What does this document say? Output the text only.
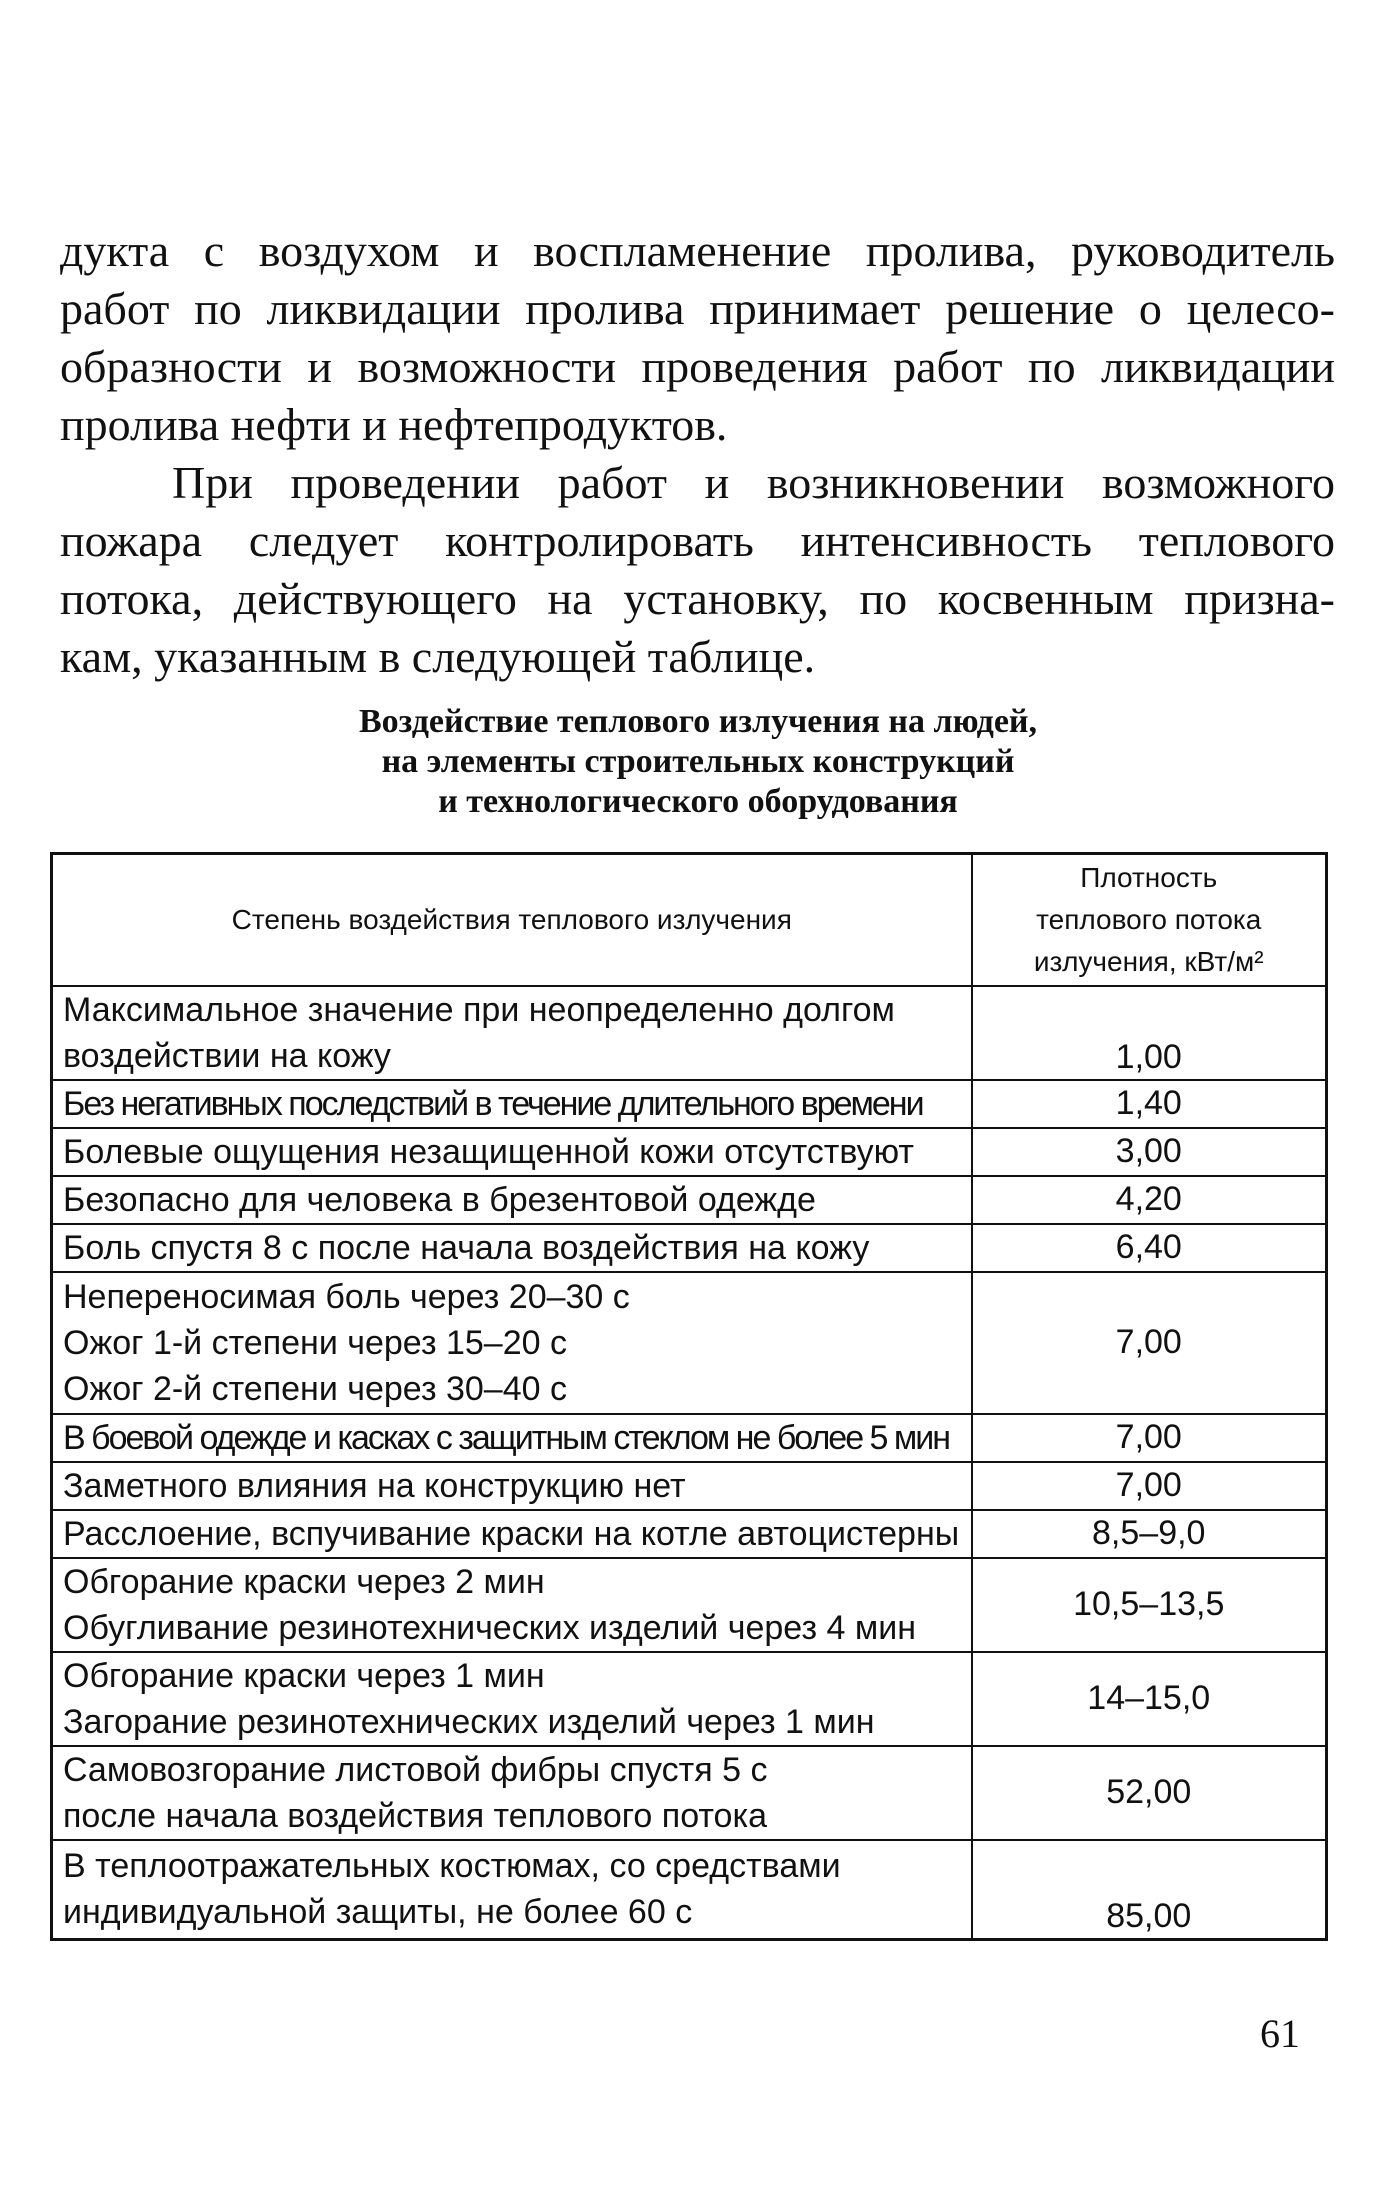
дукта с воздухом и воспламенение пролива, руководитель
работ по ликвидации пролива принимает решение о целесо-
образности и возможности проведения работ по ликвидации
пролива нефти и нефтепродуктов.

При проведении работ и возникновении возможного
пожара следует контролировать интенсивность теплового
потока, действующего на установку, по косвенным призна-
кам, указанным в следующей таблице.

Воздействие теплового излучения на людей,
на элементы строительных конструкций
и технологического оборудования

Степень воздействия теплового излучения	Плотность
теплового потока
излучения, кВт/м²

Максимальное значение при неопределенно долгом
воздействии на кожу	1,00

Без негативных последствий в течение длительного времени	1,40

Болевые ощущения незащищенной кожи отсутствуют	3,00

Безопасно для человека в брезентовой одежде	4,20

Боль спустя 8 с после начала воздействия на кожу	6,40

Непереносимая боль через 20–30 с
Ожог 1-й степени через 15–20 с
Ожог 2-й степени через 30–40 с	7,00

В боевой одежде и касках с защитным стеклом не более 5 мин	7,00

Заметного влияния на конструкцию нет	7,00

Расслоение, вспучивание краски на котле автоцистерны	8,5–9,0

Обгорание краски через 2 мин
Обугливание резинотехнических изделий через 4 мин	10,5–13,5

Обгорание краски через 1 мин
Загорание резинотехнических изделий через 1 мин	14–15,0

Самовозгорание листовой фибры спустя 5 с
после начала воздействия теплового потока	52,00

В теплоотражательных костюмах, со средствами
индивидуальной защиты, не более 60 с	85,00

61
